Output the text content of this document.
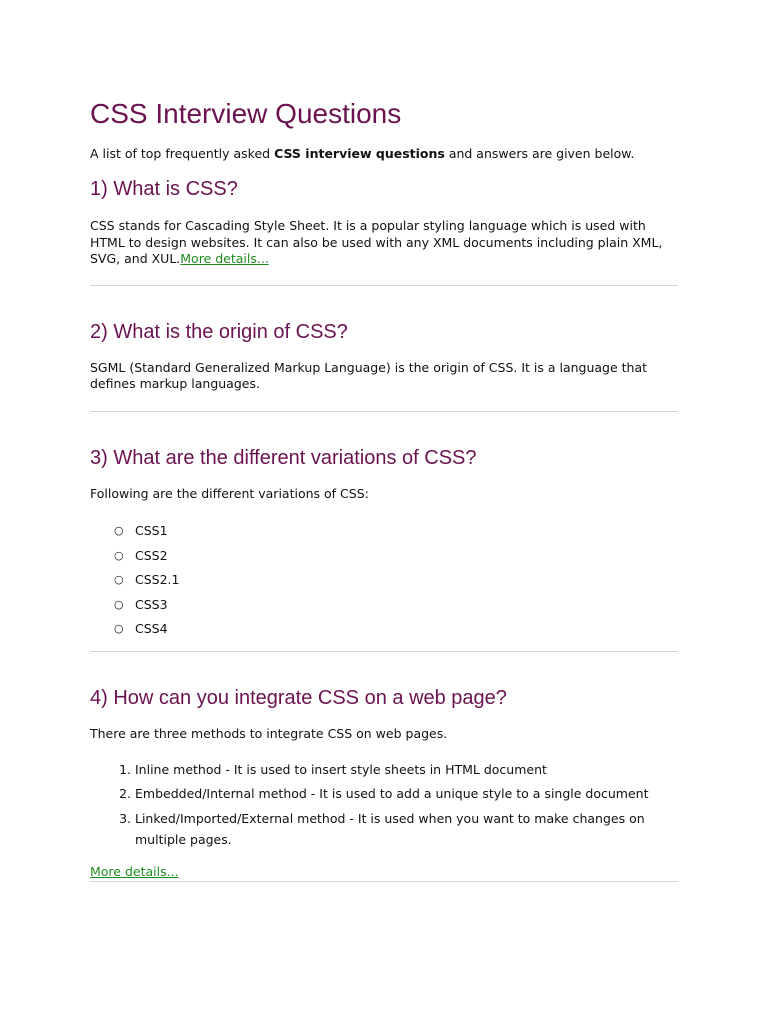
CSS Interview Questions

A list of top frequently asked CSS interview questions and answers are given below.

1) What is CSS?

CSS stands for Cascading Style Sheet. It is a popular styling language which is used with HTML to design websites. It can also be used with any XML documents including plain XML, SVG, and XUL.More details...

2) What is the origin of CSS?

SGML (Standard Generalized Markup Language) is the origin of CSS. It is a language that defines markup languages.

3) What are the different variations of CSS?

Following are the different variations of CSS:

○ CSS1
○ CSS2
○ CSS2.1
○ CSS3
○ CSS4
4) How can you integrate CSS on a web page?

There are three methods to integrate CSS on web pages.

1. Inline method - It is used to insert style sheets in HTML document
2. Embedded/Internal method - It is used to add a unique style to a single document
3. Linked/Imported/External method - It is used when you want to make changes on multiple pages.

More details...
